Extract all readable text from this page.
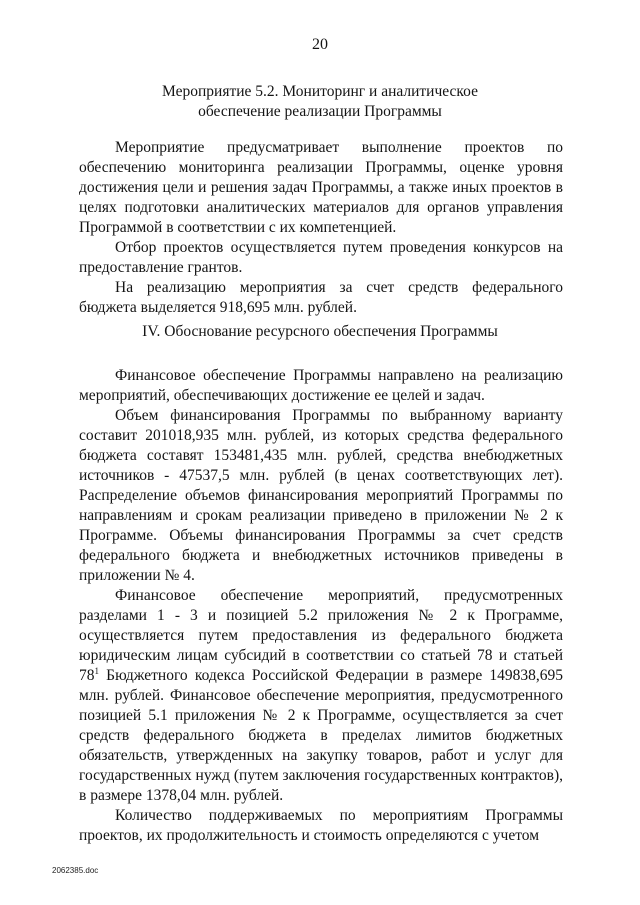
20
Мероприятие 5.2. Мониторинг и аналитическое
обеспечение реализации Программы

Мероприятие предусматривает выполнение проектов по обеспечению мониторинга реализации Программы, оценке уровня достижения цели и решения задач Программы, а также иных проектов в целях подготовки аналитических материалов для органов управления Программой в соответствии с их компетенцией.

Отбор проектов осуществляется путем проведения конкурсов на предоставление грантов.

На реализацию мероприятия за счет средств федерального бюджета выделяется 918,695 млн. рублей.

IV. Обоснование ресурсного обеспечения Программы

Финансовое обеспечение Программы направлено на реализацию мероприятий, обеспечивающих достижение ее целей и задач.

Объем финансирования Программы по выбранному варианту составит 201018,935 млн. рублей, из которых средства федерального бюджета составят 153481,435 млн. рублей, средства внебюджетных источников - 47537,5 млн. рублей (в ценах соответствующих лет). Распределение объемов финансирования мероприятий Программы по направлениям и срокам реализации приведено в приложении № 2 к Программе. Объемы финансирования Программы за счет средств федерального бюджета и внебюджетных источников приведены в приложении № 4.

Финансовое обеспечение мероприятий, предусмотренных разделами 1 - 3 и позицией 5.2 приложения № 2 к Программе, осуществляется путем предоставления из федерального бюджета юридическим лицам субсидий в соответствии со статьей 78 и статьей $78^1$ Бюджетного кодекса Российской Федерации в размере 149838,695 млн. рублей. Финансовое обеспечение мероприятия, предусмотренного позицией 5.1 приложения № 2 к Программе, осуществляется за счет средств федерального бюджета в пределах лимитов бюджетных обязательств, утвержденных на закупку товаров, работ и услуг для государственных нужд (путем заключения государственных контрактов), в размере 1378,04 млн. рублей.

Количество поддерживаемых по мероприятиям Программы проектов, их продолжительность и стоимость определяются с учетом

2062385.doc
